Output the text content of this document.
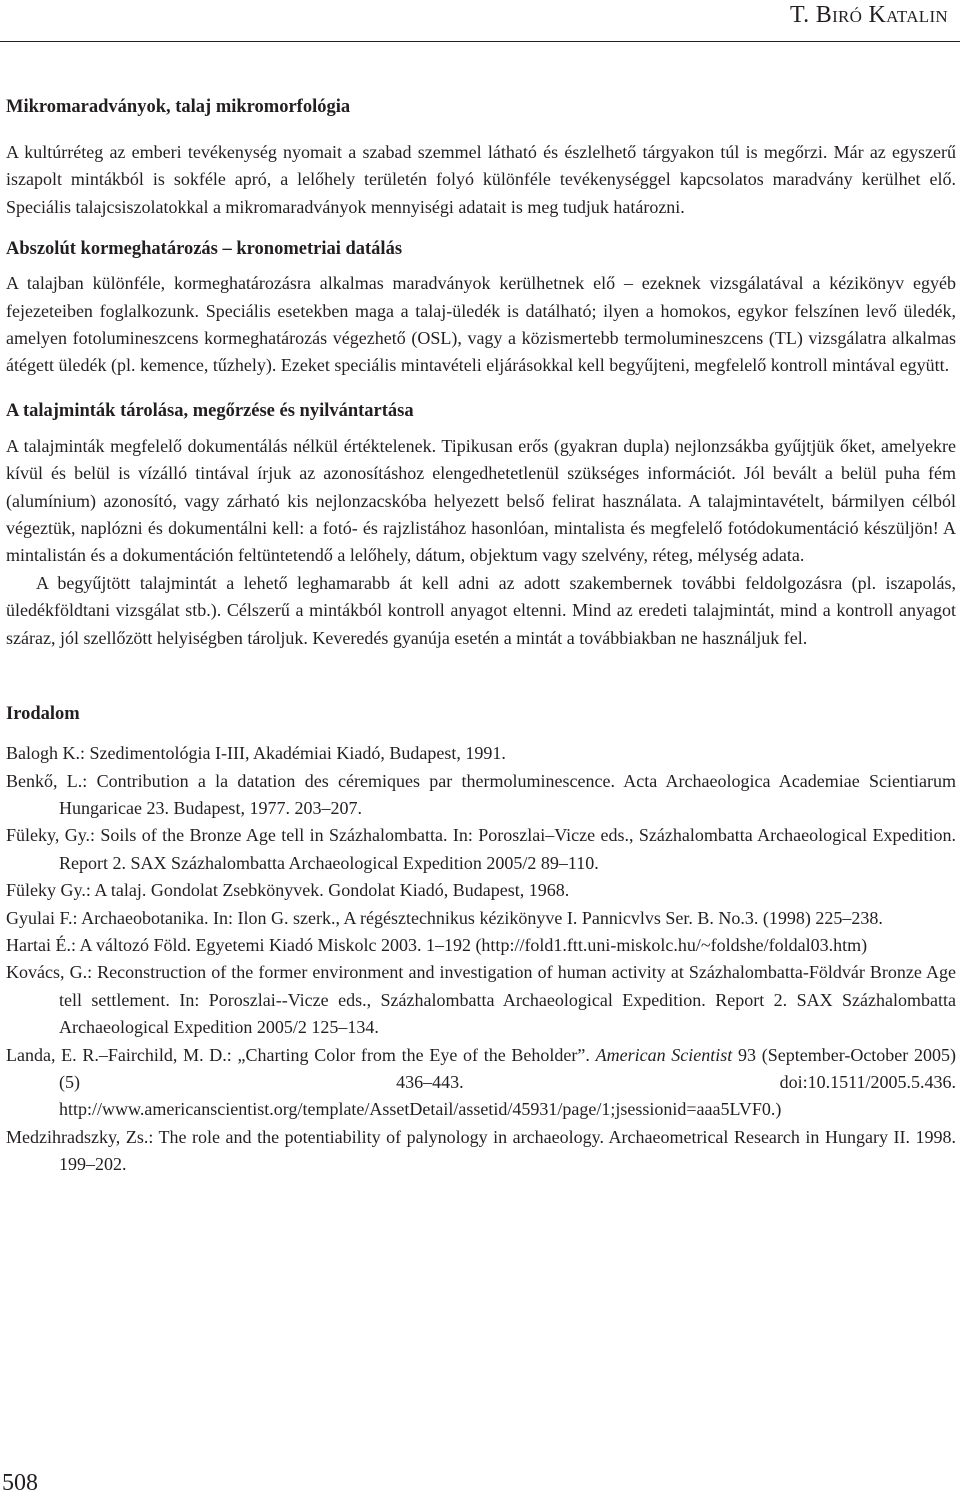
T. Biró Katalin
Mikromaradványok, talaj mikromorfológia

A kultúrréteg az emberi tevékenység nyomait a szabad szemmel látható és észlelhető tárgyakon túl is megőrzi. Már az egyszerű iszapolt mintákból is sokféle apró, a lelőhely területén folyó különféle tevékenységgel kapcsolatos maradvány kerülhet elő. Speciális talajcsiszolatokkal a mikromaradványok mennyiségi adatait is meg tudjuk határozni.

Abszolút kormeghatározás – kronometriai datálás

A talajban különféle, kormeghatározásra alkalmas maradványok kerülhetnek elő – ezeknek vizsgálatával a kézikönyv egyéb fejezeteiben foglalkozunk. Speciális esetekben maga a talaj-üledék is datálható; ilyen a homokos, egykor felszínen levő üledék, amelyen fotolumineszcens kormeghatározás végezhető (OSL), vagy a közismertebb termolumineszcens (TL) vizsgálatra alkalmas átégett üledék (pl. kemence, tűzhely). Ezeket speciális mintavételi eljárásokkal kell begyűjteni, megfelelő kontroll mintával együtt.

A talajminták tárolása, megőrzése és nyilvántartása

A talajminták megfelelő dokumentálás nélkül értéktelenek. Tipikusan erős (gyakran dupla) nejlonzsákba gyűjtjük őket, amelyekre kívül és belül is vízálló tintával írjuk az azonosításhoz elengedhetetlenül szükséges információt. Jól bevált a belül puha fém (alumínium) azonosító, vagy zárható kis nejlonzacskóba helyezett belső felirat használata. A talajmintavételt, bármilyen célból végeztük, naplózni és dokumentálni kell: a fotó- és rajzlistához hasonlóan, mintalista és megfelelő fotódokumentáció készüljön! A mintalistán és a dokumentáción feltüntetendő a lelőhely, dátum, objektum vagy szelvény, réteg, mélység adata.

A begyűjtött talajmintát a lehető leghamarabb át kell adni az adott szakembernek további feldolgozásra (pl. iszapolás, üledékföldtani vizsgálat stb.). Célszerű a mintákból kontroll anyagot eltenni. Mind az eredeti talajmintát, mind a kontroll anyagot száraz, jól szellőzött helyiségben tároljuk. Keveredés gyanúja esetén a mintát a továbbiakban ne használjuk fel.

Irodalom
Balogh K.: Szedimentológia I-III, Akadémiai Kiadó, Budapest, 1991.
Benkő, L.: Contribution a la datation des céremiques par thermoluminescence. Acta Archaeologica Academiae Scientiarum Hungaricae 23. Budapest, 1977. 203–207.
Füleky, Gy.: Soils of the Bronze Age tell in Százhalombatta. In: Poroszlai–Vicze eds., Százhalombatta Archaeological Expedition. Report 2. SAX Százhalombatta Archaeological Expedition 2005/2 89–110.
Füleky Gy.: A talaj. Gondolat Zsebkönyvek. Gondolat Kiadó, Budapest, 1968.
Gyulai F.: Archaeobotanika. In: Ilon G. szerk., A régésztechnikus kézikönyve I. Pannicvlvs Ser. B. No.3. (1998) 225–238.
Hartai É.: A változó Föld. Egyetemi Kiadó Miskolc 2003. 1–192 (http://fold1.ftt.uni-miskolc.hu/~foldshe/foldal03.htm)
Kovács, G.: Reconstruction of the former environment and investigation of human activity at Százhalombatta-Földvár Bronze Age tell settlement. In: Poroszlai--Vicze eds., Százhalombatta Archaeological Expedition. Report 2. SAX Százhalombatta Archaeological Expedition 2005/2 125–134.
Landa, E. R.–Fairchild, M. D.: „Charting Color from the Eye of the Beholder”. American Scientist 93 (September-October 2005) (5) 436–443. doi:10.1511/2005.5.436. http://www.americanscientist.org/template/AssetDetail/assetid/45931/page/1;jsessionid=aaa5LVF0.)
Medzihradszky, Zs.: The role and the potentiability of palynology in archaeology. Archaeometrical Research in Hungary II. 1998. 199–202.
508
